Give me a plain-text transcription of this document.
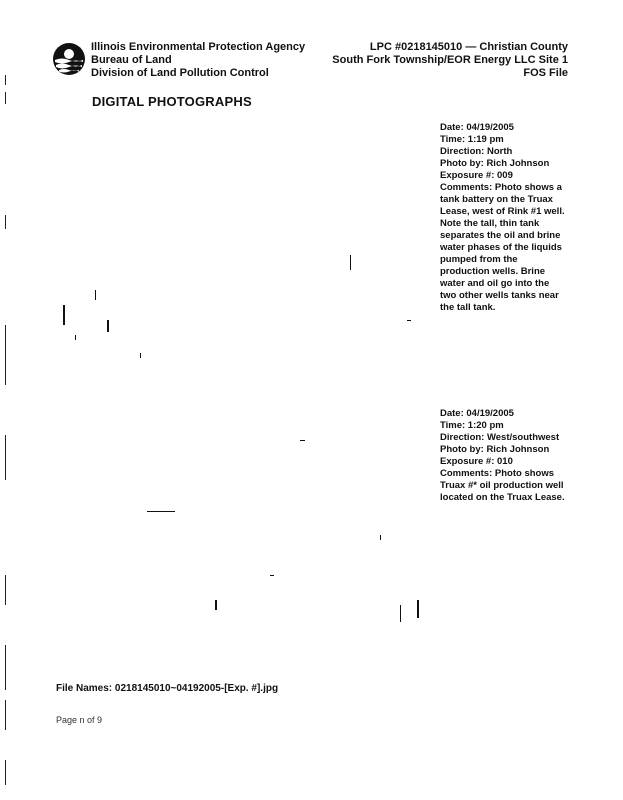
Illinois Environmental Protection Agency
Bureau of Land
Division of Land Pollution Control
LPC #0218145010 — Christian County
South Fork Township/EOR Energy LLC Site 1
FOS File
DIGITAL PHOTOGRAPHS
Date: 04/19/2005
Time: 1:19 pm
Direction: North
Photo by: Rich Johnson
Exposure #: 009
Comments: Photo shows a tank battery on the Truax Lease, west of Rink #1 well. Note the tall, thin tank separates the oil and brine water phases of the liquids pumped from the production wells. Brine water and oil go into the two other wells tanks near the tall tank.
Date: 04/19/2005
Time: 1:20 pm
Direction: West/southwest
Photo by: Rich Johnson
Exposure #: 010
Comments: Photo shows Truax #* oil production well located on the Truax Lease.
File Names: 0218145010~04192005-[Exp. #].jpg
Page n of 9
